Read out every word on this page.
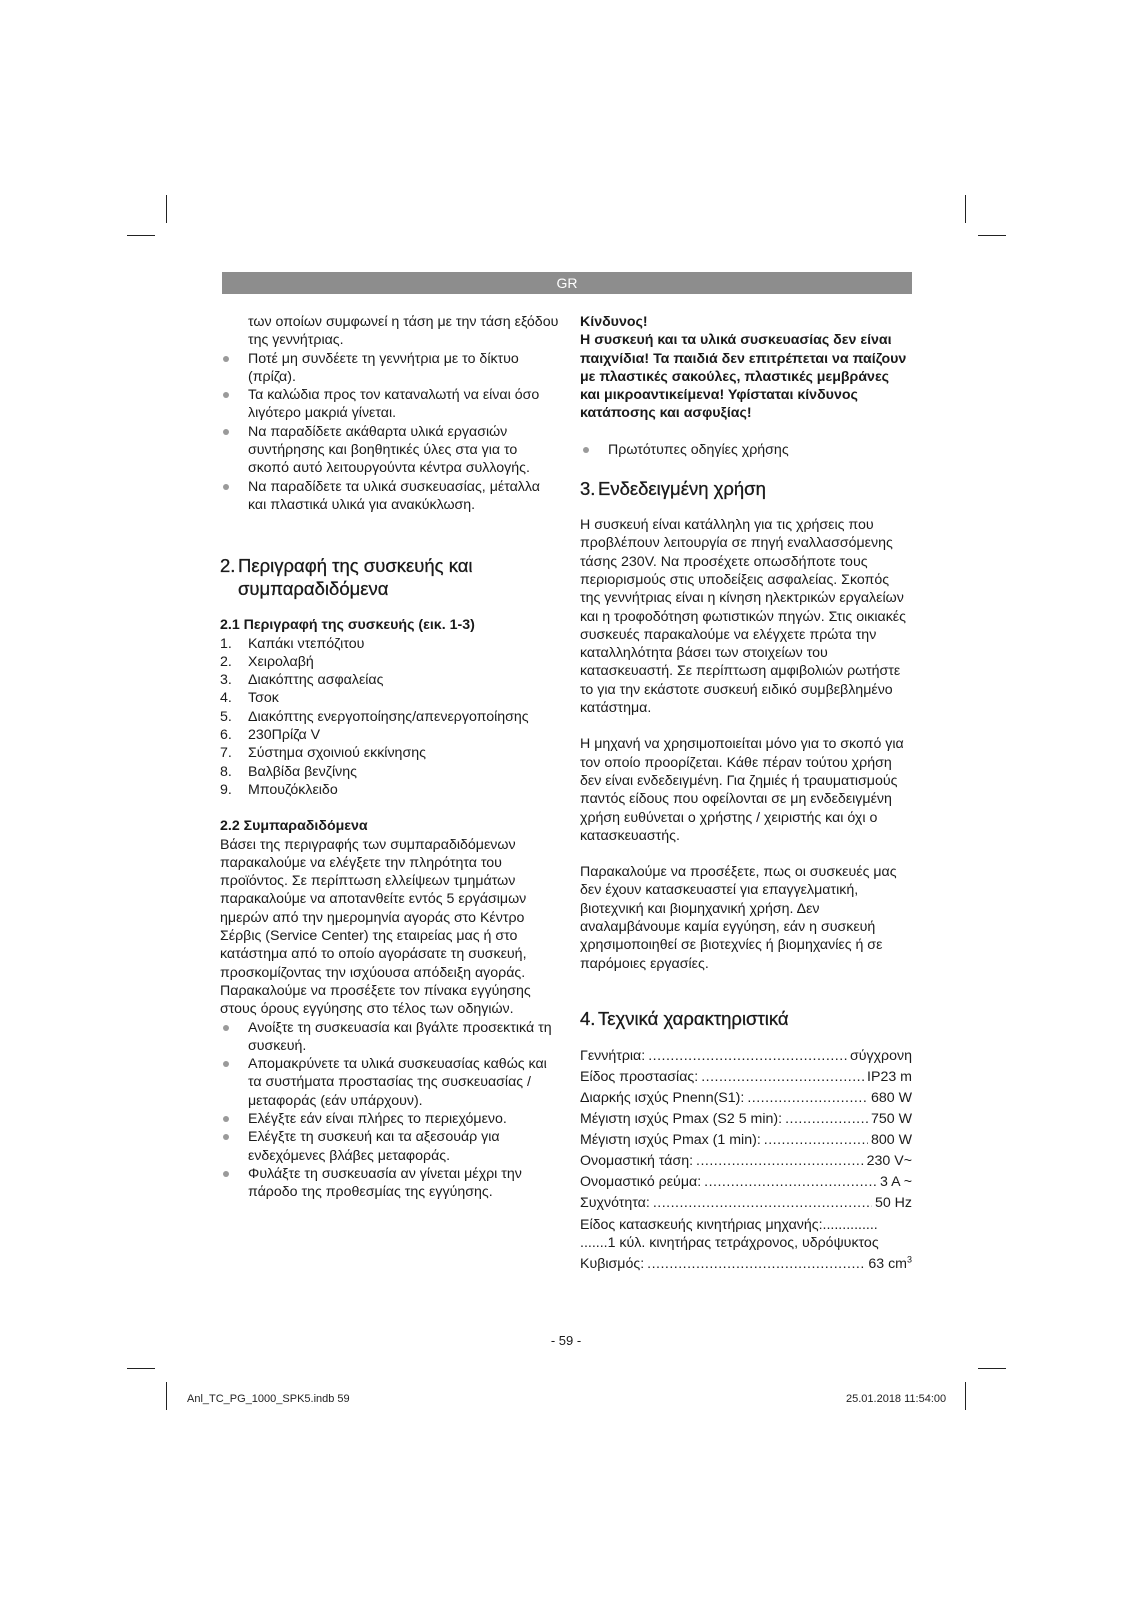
GR

των οποίων συμφωνεί η τάση με την τάση εξόδου της γεννήτριας.

Ποτέ μη συνδέετε τη γεννήτρια με το δίκτυο (πρίζα).
Τα καλώδια προς τον καταναλωτή να είναι όσο λιγότερο μακριά γίνεται.
Να παραδίδετε ακάθαρτα υλικά εργασιών συντήρησης και βοηθητικές ύλες στα για το σκοπό αυτό λειτουργούντα κέντρα συλλογής.
Να παραδίδετε τα υλικά συσκευασίας, μέταλλα και πλαστικά υλικά για ανακύκλωση.
2. Περιγραφή της συσκευής και συμπαραδιδόμενα
2.1 Περιγραφή της συσκευής (εικ. 1-3)
1.	Καπάκι ντεπόζιτου
2.	Χειρολαβή
3.	Διακόπτης ασφαλείας
4.	Τσοκ
5.	Διακόπτης ενεργοποίησης/απενεργοποίησης
6.	230Πρίζα V
7.	Σύστημα σχοινιού εκκίνησης
8.	Βαλβίδα βενζίνης
9.	Μπουζόκλειδο
2.2 Συμπαραδιδόμενα

Βάσει της περιγραφής των συμπαραδιδόμενων παρακαλούμε να ελέγξετε την πληρότητα του προϊόντος. Σε περίπτωση ελλείψεων τμημάτων παρακαλούμε να αποτανθείτε εντός 5 εργάσιμων ημερών από την ημερομηνία αγοράς στο Κέντρο Σέρβις (Service Center) της εταιρείας μας ή στο κατάστημα από το οποίο αγοράσατε τη συσκευή, προσκομίζοντας την ισχύουσα απόδειξη αγοράς. Παρακαλούμε να προσέξετε τον πίνακα εγγύησης στους όρους εγγύησης στο τέλος των οδηγιών.

Ανοίξτε τη συσκευασία και βγάλτε προσεκτικά τη συσκευή.
Απομακρύνετε τα υλικά συσκευασίας καθώς και τα συστήματα προστασίας της συσκευασίας / μεταφοράς (εάν υπάρχουν).
Ελέγξτε εάν είναι πλήρες το περιεχόμενο.
Ελέγξτε τη συσκευή και τα αξεσουάρ για ενδεχόμενες βλάβες μεταφοράς.
Φυλάξτε τη συσκευασία αν γίνεται μέχρι την πάροδο της προθεσμίας της εγγύησης.

Κίνδυνος!

Η συσκευή και τα υλικά συσκευασίας δεν είναι παιχνίδια! Τα παιδιά δεν επιτρέπεται να παίζουν με πλαστικές σακούλες, πλαστικές μεμβράνες και μικροαντικείμενα! Υφίσταται κίνδυνος κατάποσης και ασφυξίας!

Πρωτότυπες οδηγίες χρήσης
3. Ενδεδειγμένη χρήση

Η συσκευή είναι κατάλληλη για τις χρήσεις που προβλέπουν λειτουργία σε πηγή εναλλασσόμενης τάσης 230V. Να προσέχετε οπωσδήποτε τους περιορισμούς στις υποδείξεις ασφαλείας. Σκοπός της γεννήτριας είναι η κίνηση ηλεκτρικών εργαλείων και η τροφοδότηση φωτιστικών πηγών. Στις οικιακές συσκευές παρακαλούμε να ελέγχετε πρώτα την καταλληλότητα βάσει των στοιχείων του κατασκευαστή. Σε περίπτωση αμφιβολιών ρωτήστε το για την εκάστοτε συσκευή ειδικό συμβεβλημένο κατάστημα.

Η μηχανή να χρησιμοποιείται μόνο για το σκοπό για τον οποίο προορίζεται. Κάθε πέραν τούτου χρήση δεν είναι ενδεδειγμένη. Για ζημιές ή τραυματισμούς παντός είδους που οφείλονται σε μη ενδεδειγμένη χρήση ευθύνεται ο χρήστης / χειριστής και όχι ο κατασκευαστής.

Παρακαλούμε να προσέξετε, πως οι συσκευές μας δεν έχουν κατασκευαστεί για επαγγελματική, βιοτεχνική και βιομηχανική χρήση. Δεν αναλαμβάνουμε καμία εγγύηση, εάν η συσκευή χρησιμοποιηθεί σε βιοτεχνίες ή βιομηχανίες ή σε παρόμοιες εργασίες.

4. Τεχνικά χαρακτηριστικά
Γεννήτρια: .....	σύγχρονη
Είδος προστασίας: .....	IP23 m
Διαρκής ισχύς Pnenn(S1): .....	680 W
Μέγιστη ισχύς Pmax (S2 5 min): .....	750 W
Μέγιστη ισχύς Pmax (1 min): .....	800 W
Ονομαστική τάση: .....	230 V~
Ονομαστικό ρεύμα: .....	3 A ~
Συχνότητα: .....	50 Hz
Είδος κατασκευής κινητήριας μηχανής:..............
.......1 κύλ. κινητήρας τετράχρονος, υδρόψυκτος
Κυβισμός: .....	63 $cm^3$
- 59 -
Anl_TC_PG_1000_SPK5.indb 59	25.01.2018 11:54:00
